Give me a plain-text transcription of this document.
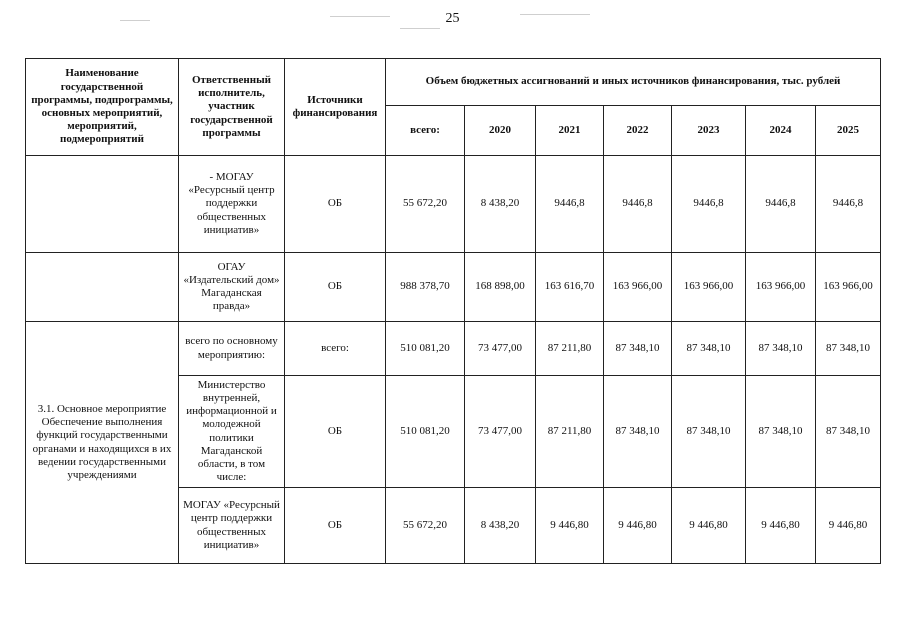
25
Наименование государственной программы, подпрограммы, основных мероприятий, мероприятий, подмероприятий	Ответственный исполнитель, участник государственной программы	Источники финансирования	Объем бюджетных ассигнований и иных источников финансирования, тыс. рублей						
			всего:	2020	2021	2022	2023	2024	2025
	- МОГАУ «Ресурсный центр поддержки общественных инициатив»	ОБ	55 672,20	8 438,20	9446,8	9446,8	9446,8	9446,8	9446,8
	ОГАУ «Издательский дом» Магаданская правда»	ОБ	988 378,70	168 898,00	163 616,70	163 966,00	163 966,00	163 966,00	163 966,00
3.1. Основное мероприятие Обеспечение выполнения функций государственными органами и находящихся в их ведении государственными учреждениями	всего по основному мероприятию:	всего:	510 081,20	73 477,00	87 211,80	87 348,10	87 348,10	87 348,10	87 348,10
	Министерство внутренней, информационной и молодежной политики Магаданской области, в том числе:	ОБ	510 081,20	73 477,00	87 211,80	87 348,10	87 348,10	87 348,10	87 348,10
	МОГАУ «Ресурсный центр поддержки общественных инициатив»	ОБ	55 672,20	8 438,20	9 446,80	9 446,80	9 446,80	9 446,80	9 446,80
